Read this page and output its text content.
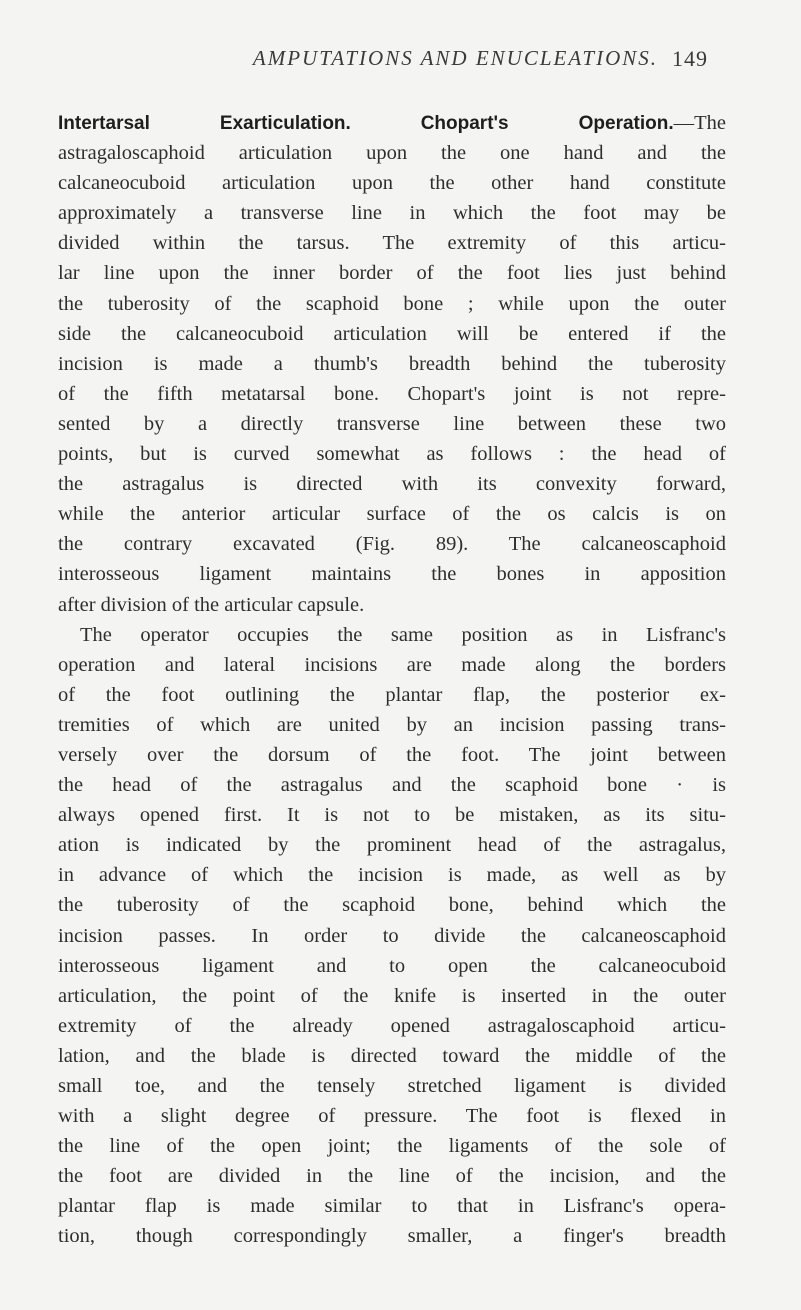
AMPUTATIONS AND ENUCLEATIONS. 149
Intertarsal Exarticulation.	Chopart's Operation.—The
astragaloscaphoid articulation upon the one hand and the
calcaneocuboid articulation upon the other hand constitute
approximately a transverse line in which the foot may be
divided within the tarsus. The extremity of this articu-
lar line upon the inner border of the foot lies just behind
the tuberosity of the scaphoid bone ; while upon the outer
side the calcaneocuboid articulation will be entered if the
incision is made a thumb's breadth behind the tuberosity
of the fifth metatarsal bone. Chopart's joint is not repre-
sented by a directly transverse line between these two
points, but is curved somewhat as follows : the head of
the astragalus is directed with its convexity forward,
while the anterior articular surface of the os calcis is on
the contrary excavated (Fig. 89). The calcaneoscaphoid
interosseous ligament maintains the bones in apposition
after division of the articular capsule.
The operator occupies the same position as in Lisfranc's
operation and lateral incisions are made along the borders
of the foot outlining the plantar flap, the posterior ex-
tremities of which are united by an incision passing trans-
versely over the dorsum of the foot. The joint between
the head of the astragalus and the scaphoid bone · is
always opened first. It is not to be mistaken, as its situ-
ation is indicated by the prominent head of the astragalus,
in advance of which the incision is made, as well as by
the tuberosity of the scaphoid bone, behind which the
incision passes. In order to divide the calcaneoscaphoid
interosseous ligament and to open the calcaneocuboid
articulation, the point of the knife is inserted in the outer
extremity of the already opened astragaloscaphoid articu-
lation, and the blade is directed toward the middle of the
small toe, and the tensely stretched ligament is divided
with a slight degree of pressure. The foot is flexed in
the line of the open joint; the ligaments of the sole of
the foot are divided in the line of the incision, and the
plantar flap is made similar to that in Lisfranc's opera-
tion, though correspondingly smaller, a finger's breadth
